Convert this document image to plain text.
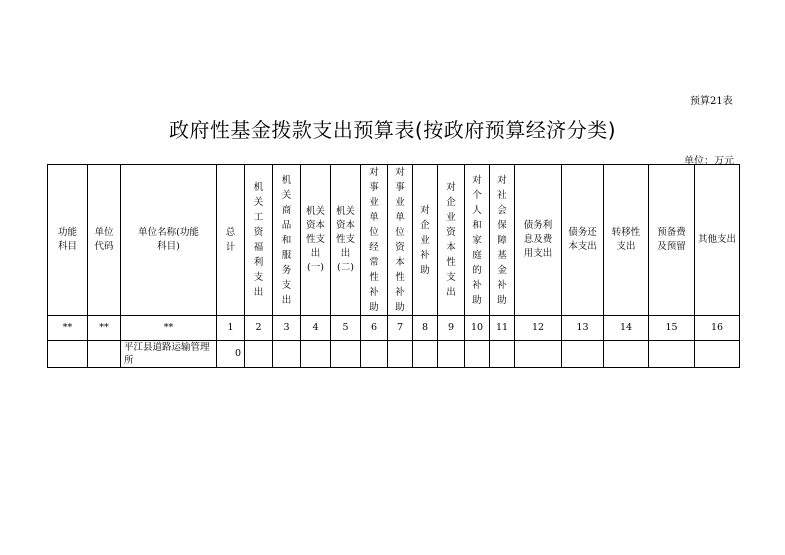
预算21表
政府性基金拨款支出预算表(按政府预算经济分类)
单位：万元
功能科目	单位代码	单位名称(功能科目)	总计	机关工资福利支出	机关商品和服务支出	机关资本性支出(一)	机关资本性支出(二)	对事业单位经常性补助	对事业单位资本性补助	对企业补助	对企业资本性支出	对个人和家庭的补助	对社会保障基金补助	债务利息及费用支出	债务还本支出	转移性支出	预备费及预留	其他支出
**	**	**	1	2	3	4	5	6	7	8	9	10	11	12	13	14	15	16
		平江县道路运输管理所	0															
